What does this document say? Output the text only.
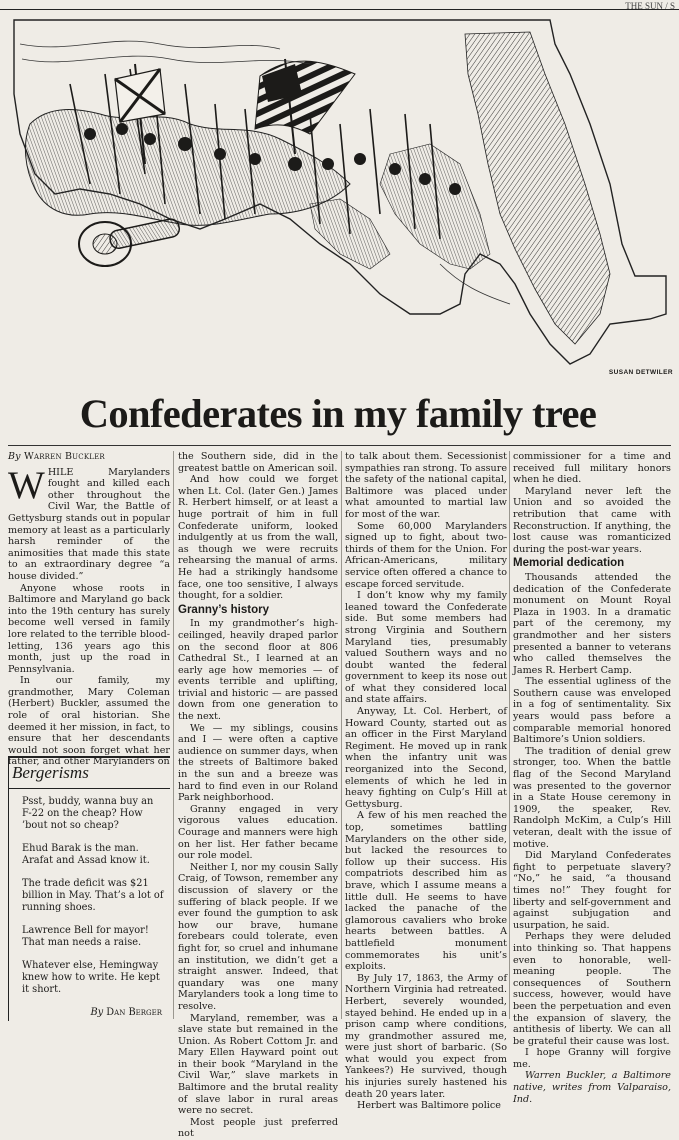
THE SUN / S
SUSAN DETWILER
Confederates in my family tree
By Warren Buckler

WHILE Marylanders fought and killed each other throughout the Civil War, the Battle of Gettysburg stands out in popular memory at least as a particularly harsh reminder of the animosities that made this state to an extraordinary degree “a house divided.”

Anyone whose roots in Baltimore and Maryland go back into the 19th century has surely become well versed in family lore related to the terrible blood-letting, 136 years ago this month, just up the road in Pennsylvania.

In our family, my grandmother, Mary Coleman (Herbert) Buckler, assumed the role of oral historian. She deemed it her mission, in fact, to ensure that her descendants would not soon forget what her father, and other Marylanders on

Bergerisms

Psst, buddy, wanna buy an F-22 on the cheap? How ’bout not so cheap?

Ehud Barak is the man. Arafat and Assad know it.

The trade deficit was $21 billion in May. That’s a lot of running shoes.

Lawrence Bell for mayor! That man needs a raise.

Whatever else, Hemingway knew how to write. He kept it short.

By Dan Berger

the Southern side, did in the greatest battle on American soil.

And how could we forget when Lt. Col. (later Gen.) James R. Herbert himself, or at least a huge portrait of him in full Confederate uniform, looked indulgently at us from the wall, as though we were recruits rehearsing the manual of arms. He had a strikingly handsome face, one too sensitive, I always thought, for a soldier.

Granny’s history

In my grandmother’s high-ceilinged, heavily draped parlor on the second floor at 806 Cathedral St., I learned at an early age how memories — of events terrible and uplifting, trivial and historic — are passed down from one generation to the next.

We — my siblings, cousins and I — were often a captive audience on summer days, when the streets of Baltimore baked in the sun and a breeze was hard to find even in our Roland Park neighborhood.

Granny engaged in very vigorous values education. Courage and manners were high on her list. Her father became our role model.

Neither I, nor my cousin Sally Craig, of Towson, remember any discussion of slavery or the suffering of black people. If we ever found the gumption to ask how our brave, humane forebears could tolerate, even fight for, so cruel and inhumane an institution, we didn’t get a straight answer. Indeed, that quandary was one many Marylanders took a long time to resolve.

Maryland, remember, was a slave state but remained in the Union. As Robert Cottom Jr. and Mary Ellen Hayward point out in their book “Maryland in the Civil War,” slave markets in Baltimore and the brutal reality of slave labor in rural areas were no secret.

Most people just preferred not

to talk about them. Secessionist sympathies ran strong. To assure the safety of the national capital, Baltimore was placed under what amounted to martial law for most of the war.

Some 60,000 Marylanders signed up to fight, about two-thirds of them for the Union. For African-Americans, military service often offered a chance to escape forced servitude.

I don’t know why my family leaned toward the Confederate side. But some members had strong Virginia and Southern Maryland ties, presumably valued Southern ways and no doubt wanted the federal government to keep its nose out of what they considered local and state affairs.

Anyway, Lt. Col. Herbert, of Howard County, started out as an officer in the First Maryland Regiment. He moved up in rank when the infantry unit was reorganized into the Second, elements of which he led in heavy fighting on Culp’s Hill at Gettysburg.

A few of his men reached the top, sometimes battling Marylanders on the other side, but lacked the resources to follow up their success. His compatriots described him as brave, which I assume means a little dull. He seems to have lacked the panache of the glamorous cavaliers who broke hearts between battles. A battlefield monument commemorates his unit’s exploits.

By July 17, 1863, the Army of Northern Virginia had retreated. Herbert, severely wounded, stayed behind. He ended up in a prison camp where conditions, my grandmother assured me, were just short of barbaric. (So what would you expect from Yankees?) He survived, though his injuries surely hastened his death 20 years later.

Herbert was Baltimore police

commissioner for a time and received full military honors when he died.

Maryland never left the Union and so avoided the retribution that came with Reconstruction. If anything, the lost cause was romanticized during the post-war years.

Memorial dedication

Thousands attended the dedication of the Confederate monument on Mount Royal Plaza in 1903. In a dramatic part of the ceremony, my grandmother and her sisters presented a banner to veterans who called themselves the James R. Herbert Camp.

The essential ugliness of the Southern cause was enveloped in a fog of sentimentality. Six years would pass before a comparable memorial honored Baltimore’s Union soldiers.

The tradition of denial grew stronger, too. When the battle flag of the Second Maryland was presented to the governor in a State House ceremony in 1909, the speaker, Rev. Randolph McKim, a Culp’s Hill veteran, dealt with the issue of motive.

Did Maryland Confederates fight to perpetuate slavery? “No,” he said, “a thousand times no!” They fought for liberty and self-government and against subjugation and usurpation, he said.

Perhaps they were deluded into thinking so. That happens even to honorable, well-meaning people. The consequences of Southern success, however, would have been the perpetuation and even the expansion of slavery, the antithesis of liberty. We can all be grateful their cause was lost.

I hope Granny will forgive me.

Warren Buckler, a Baltimore native, writes from Valparaiso, Ind.
